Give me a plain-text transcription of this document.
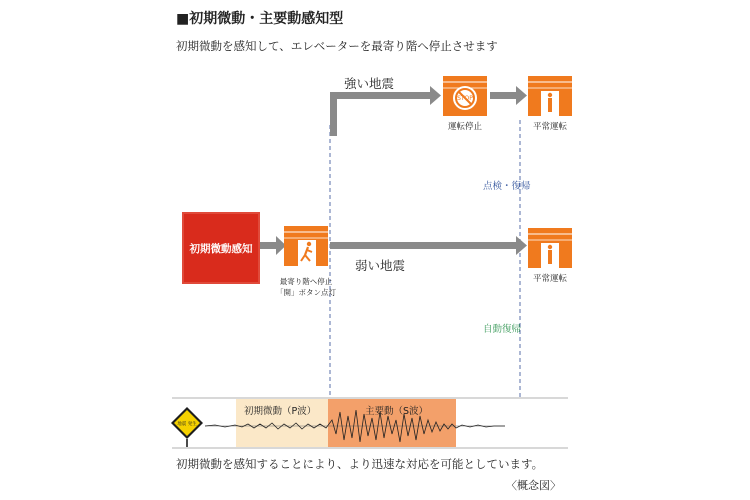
■初期微動・主要動感知型
初期微動を感知して、エレベーターを最寄り階へ停止させます
STOP
地震 発生
初期微動感知
強い地震
弱い地震
運転停止	平常運転
平常運転
最寄り階へ停止
「開」ボタン点灯
点検・復帰
自動復帰
初期微動（P波）	主要動（S波）
初期微動を感知することにより、より迅速な対応を可能としています。
〈概念図〉
